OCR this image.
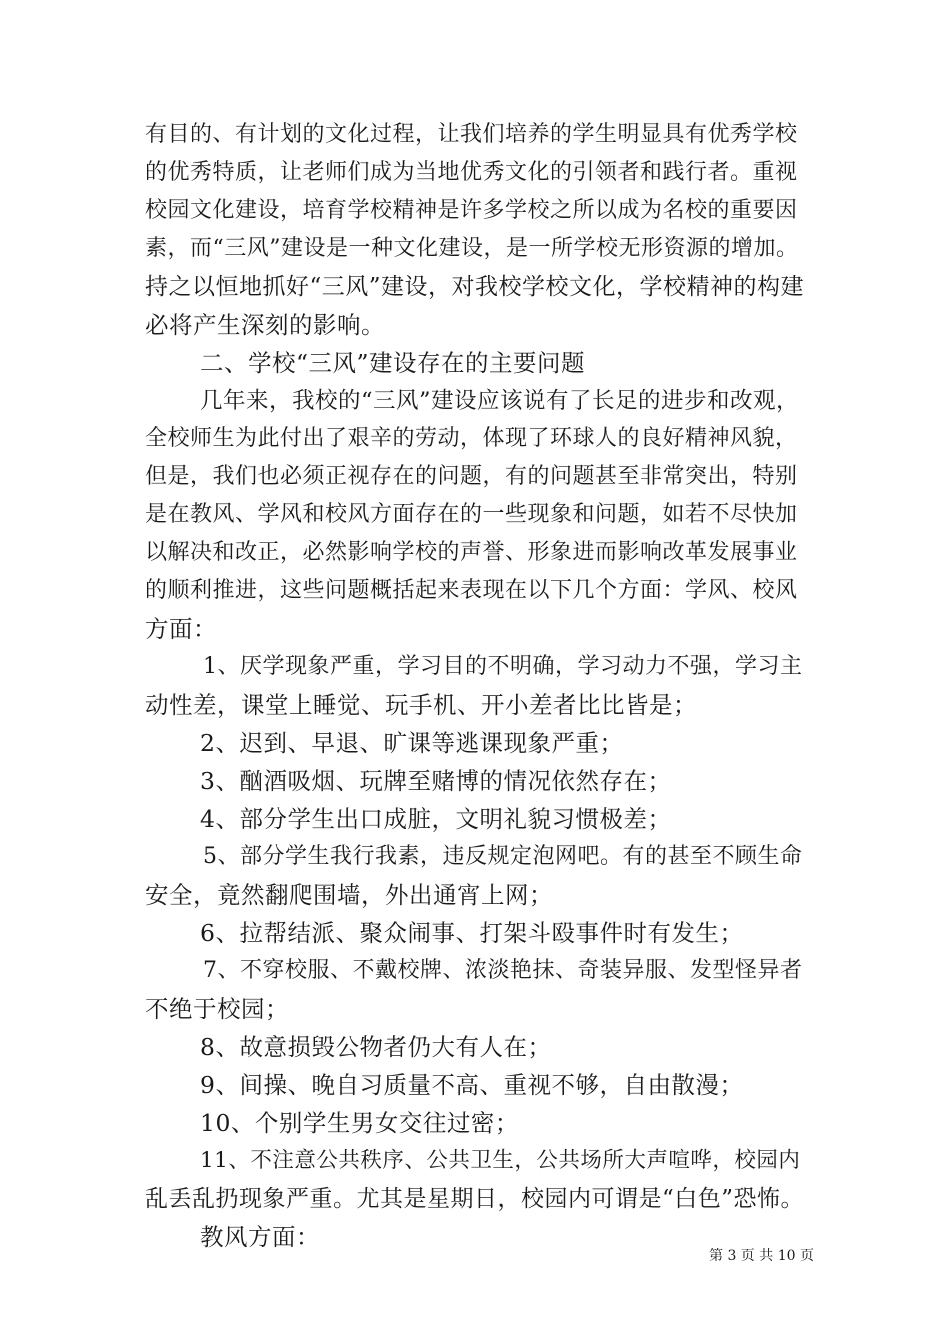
有目的、有计划的文化过程，让我们培养的学生明显具有优秀学校
的优秀特质，让老师们成为当地优秀文化的引领者和践行者。重视
校园文化建设，培育学校精神是许多学校之所以成为名校的重要因
素，而“三风”建设是一种文化建设，是一所学校无形资源的增加。
持之以恒地抓好“三风”建设，对我校学校文化，学校精神的构建
必将产生深刻的影响。
二、学校“三风”建设存在的主要问题
几年来，我校的“三风”建设应该说有了长足的进步和改观，
全校师生为此付出了艰辛的劳动，体现了环球人的良好精神风貌，
但是，我们也必须正视存在的问题，有的问题甚至非常突出，特别
是在教风、学风和校风方面存在的一些现象和问题，如若不尽快加
以解决和改正，必然影响学校的声誉、形象进而影响改革发展事业
的顺利推进，这些问题概括起来表现在以下几个方面：学风、校风
方面：
1、厌学现象严重，学习目的不明确，学习动力不强，学习主
动性差，课堂上睡觉、玩手机、开小差者比比皆是；
2、迟到、早退、旷课等逃课现象严重；
3、酗酒吸烟、玩牌至赌博的情况依然存在；
4、部分学生出口成脏，文明礼貌习惯极差；
5、部分学生我行我素，违反规定泡网吧。有的甚至不顾生命
安全，竟然翻爬围墙，外出通宵上网；
6、拉帮结派、聚众闹事、打架斗殴事件时有发生；
7、不穿校服、不戴校牌、浓淡艳抹、奇装异服、发型怪异者
不绝于校园；
8、故意损毁公物者仍大有人在；
9、间操、晚自习质量不高、重视不够，自由散漫；
10、个别学生男女交往过密；
11、不注意公共秩序、公共卫生，公共场所大声喧哗，校园内
乱丢乱扔现象严重。尤其是星期日，校园内可谓是“白色”恐怖。
教风方面：
第 3 页 共 10 页
